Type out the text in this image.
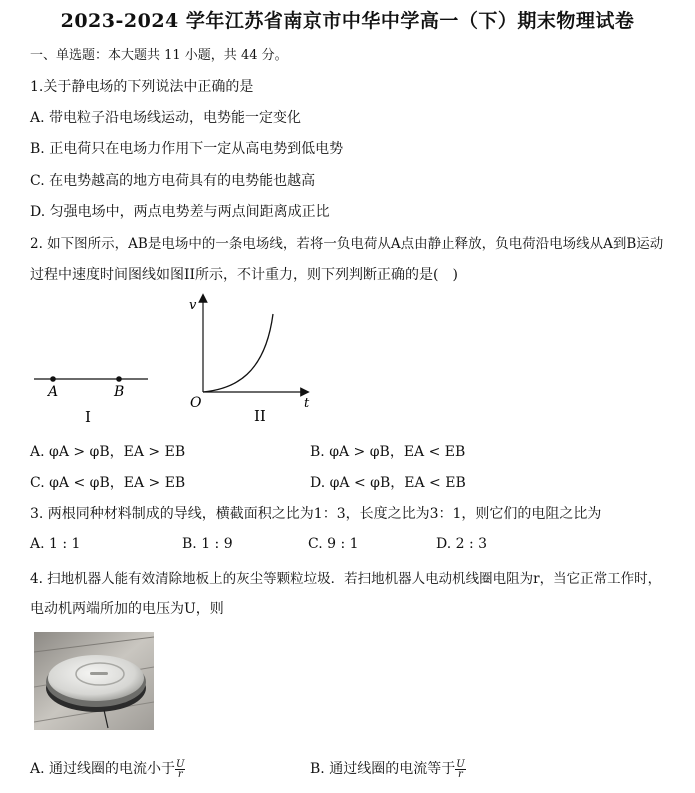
2023-2024 学年江苏省南京市中华中学高一（下）期末物理试卷
一、单选题：本大题共 11 小题，共 44 分。
1.关于静电场的下列说法中正确的是
A. 带电粒子沿电场线运动，电势能一定变化
B. 正电荷只在电场力作用下一定从高电势到低电势
C. 在电势越高的地方电荷具有的电势能也越高
D. 匀强电场中，两点电势差与两点间距离成正比
2. 如下图所示，AB是电场中的一条电场线，若将一负电荷从A点由静止释放，负电荷沿电场线从A到B运动
过程中速度时间图线如图II所示，不计重力，则下列判断正确的是(　)
A	B
I
v
t
O
II
A. φA > φB，EA > EB	B. φA > φB，EA < EB
C. φA < φB，EA > EB	D. φA < φB，EA < EB
3. 两根同种材料制成的导线，横截面积之比为1：3，长度之比为3：1，则它们的电阻之比为
A. 1 : 1	B. 1 : 9	C. 9 : 1	D. 2 : 3
4. 扫地机器人能有效清除地板上的灰尘等颗粒垃圾．若扫地机器人电动机线圈电阻为r，当它正常工作时，
电动机两端所加的电压为U，则
A. 通过线圈的电流小于 $\frac{U}{r}$	B. 通过线圈的电流等于 $\frac{U}{r}$
